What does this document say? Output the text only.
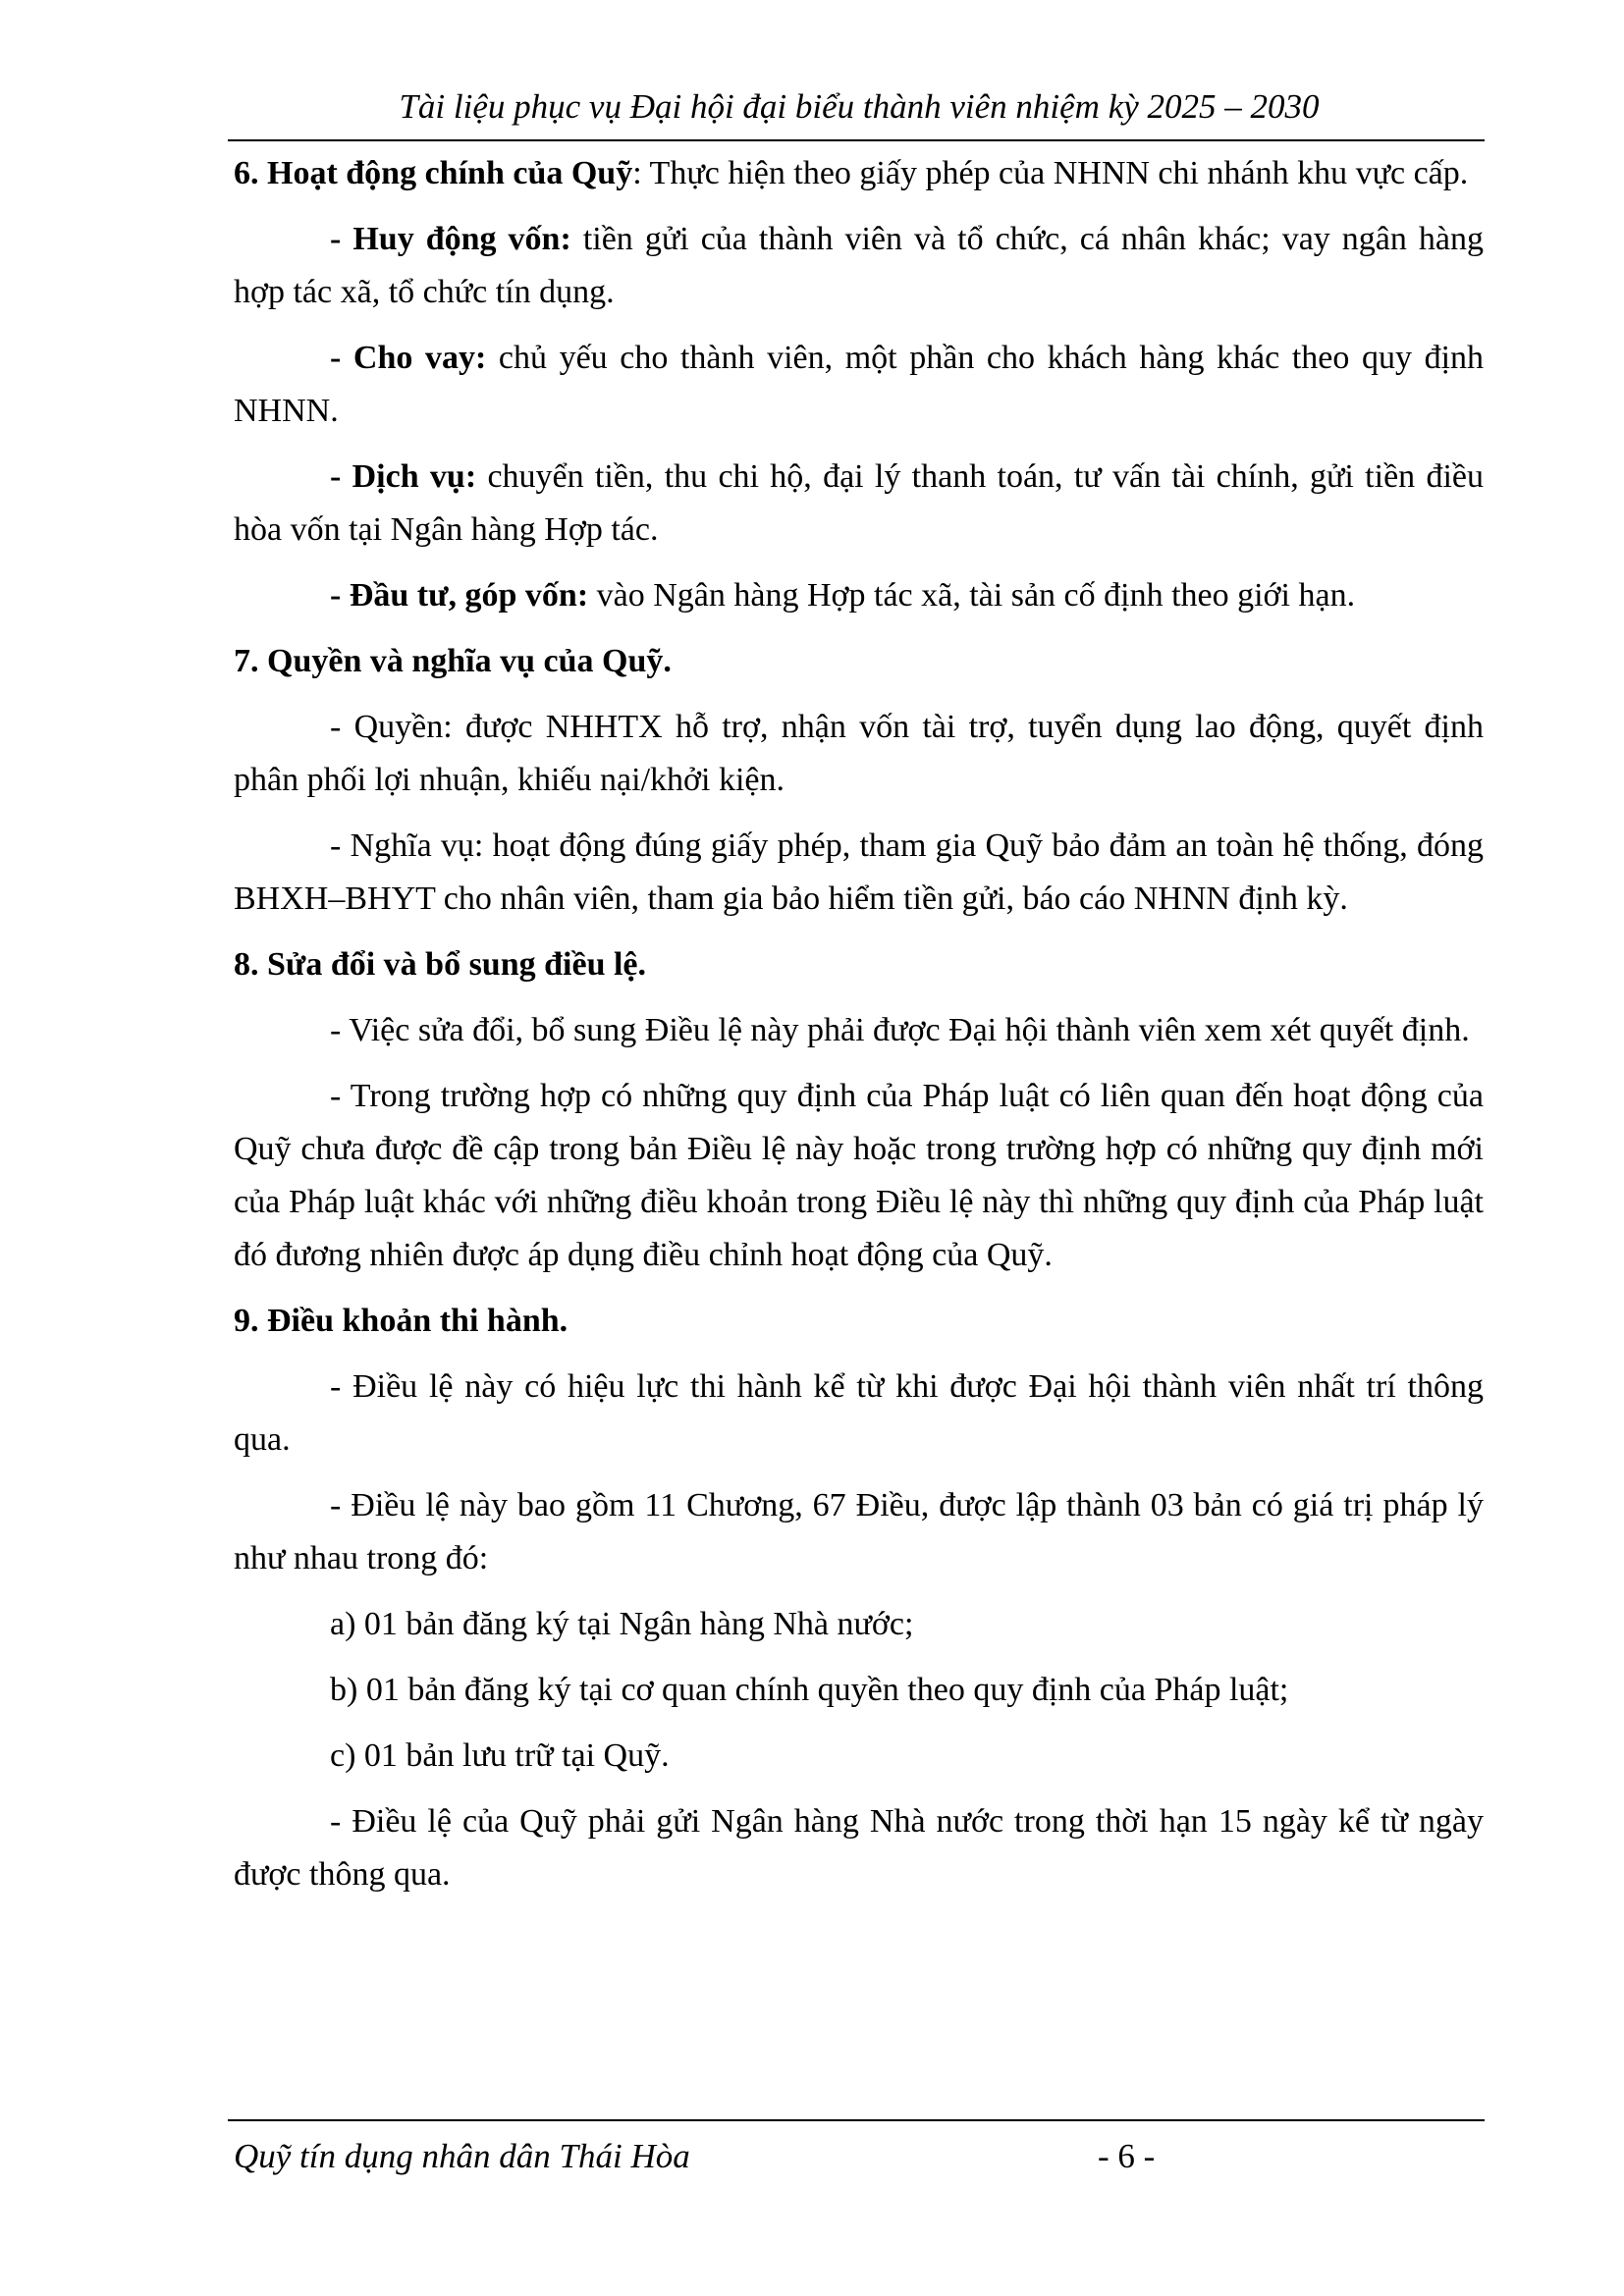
Tài liệu phục vụ Đại hội đại biểu thành viên nhiệm kỳ 2025 – 2030

6. Hoạt động chính của Quỹ: Thực hiện theo giấy phép của NHNN chi nhánh khu vực cấp.

- Huy động vốn: tiền gửi của thành viên và tổ chức, cá nhân khác; vay ngân hàng hợp tác xã, tổ chức tín dụng.

- Cho vay: chủ yếu cho thành viên, một phần cho khách hàng khác theo quy định NHNN.

- Dịch vụ: chuyển tiền, thu chi hộ, đại lý thanh toán, tư vấn tài chính, gửi tiền điều hòa vốn tại Ngân hàng Hợp tác.

- Đầu tư, góp vốn: vào Ngân hàng Hợp tác xã, tài sản cố định theo giới hạn.

7. Quyền và nghĩa vụ của Quỹ.

- Quyền: được NHHTX hỗ trợ, nhận vốn tài trợ, tuyển dụng lao động, quyết định phân phối lợi nhuận, khiếu nại/khởi kiện.

- Nghĩa vụ: hoạt động đúng giấy phép, tham gia Quỹ bảo đảm an toàn hệ thống, đóng BHXH–BHYT cho nhân viên, tham gia bảo hiểm tiền gửi, báo cáo NHNN định kỳ.

8. Sửa đổi và bổ sung điều lệ.

- Việc sửa đổi, bổ sung Điều lệ này phải được Đại hội thành viên xem xét quyết định.

- Trong trường hợp có những quy định của Pháp luật có liên quan đến hoạt động của Quỹ chưa được đề cập trong bản Điều lệ này hoặc trong trường hợp có những quy định mới của Pháp luật khác với những điều khoản trong Điều lệ này thì những quy định của Pháp luật đó đương nhiên được áp dụng điều chỉnh hoạt động của Quỹ.

9. Điều khoản thi hành.

- Điều lệ này có hiệu lực thi hành kể từ khi được Đại hội thành viên nhất trí thông qua.

- Điều lệ này bao gồm 11 Chương, 67 Điều, được lập thành 03 bản có giá trị pháp lý như nhau trong đó:

a) 01 bản đăng ký tại Ngân hàng Nhà nước;

b) 01 bản đăng ký tại cơ quan chính quyền theo quy định của Pháp luật;

c) 01 bản lưu trữ tại Quỹ.

- Điều lệ của Quỹ phải gửi Ngân hàng Nhà nước trong thời hạn 15 ngày kể từ ngày được thông qua.

Quỹ tín dụng nhân dân Thái Hòa	- 6 -
